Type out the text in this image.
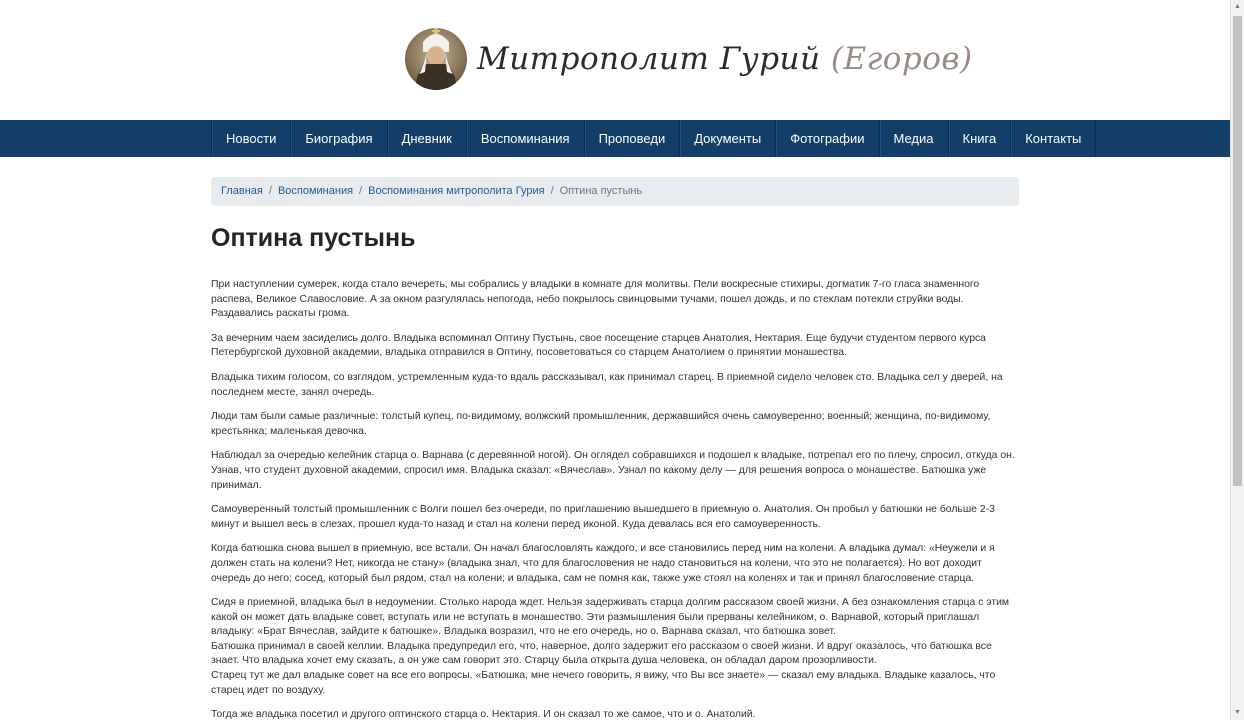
Митрополит Гурий (Егоров)
Новости	Биография	Дневник	Воспоминания	Проповеди	Документы	Фотографии	Медиа	Книга	Контакты
Главная / Воспоминания / Воспоминания митрополита Гурия / Оптина пустынь
Оптина пустынь

При наступлении сумерек, когда стало вечереть, мы собрались у владыки в комнате для молитвы. Пели воскресные стихиры, догматик 7-го гласа знаменного распева, Великое Славословие. А за окном разгулялась непогода, небо покрылось свинцовыми тучами, пошел дождь, и по стеклам потекли струйки воды. Раздавались раскаты грома.

За вечерним чаем засиделись долго. Владыка вспоминал Оптину Пустынь, свое посещение старцев Анатолия, Нектария. Еще будучи студентом первого курса Петербургской духовной академии, владыка отправился в Оптину, посоветоваться со старцем Анатолием о принятии монашества.

Владыка тихим голосом, со взглядом, устремленным куда-то вдаль рассказывал, как принимал старец. В приемной сидело человек сто. Владыка сел у дверей, на последнем месте, занял очередь.

Люди там были самые различные: толстый купец, по-видимому, волжский промышленник, державшийся очень самоуверенно; военный; женщина, по-видимому, крестьянка; маленькая девочка.

Наблюдал за очередью келейник старца о. Варнава (с деревянной ногой). Он оглядел собравшихся и подошел к владыке, потрепал его по плечу, спросил, откуда он. Узнав, что студент духовной академии, спросил имя. Владыка сказал: «Вячеслав». Узнал по какому делу — для решения вопроса о монашестве. Батюшка уже принимал.

Самоуверенный толстый промышленник с Волги пошел без очереди, по приглашению вышедшего в приемную о. Анатолия. Он пробыл у батюшки не больше 2-3 минут и вышел весь в слезах, прошел куда-то назад и стал на колени перед иконой. Куда девалась вся его самоуверенность.

Когда батюшка снова вышел в приемную, все встали. Он начал благословлять каждого, и все становились перед ним на колени. А владыка думал: «Неужели и я должен стать на колени? Нет, никогда не стану» (владыка знал, что для благословения не надо становиться на колени, что это не полагается). Но вот доходит очередь до него; сосед, который был рядом, стал на колени; и владыка, сам не помня как, также уже стоял на коленях и так и принял благословение старца.

Сидя в приемной, владыка был в недоумении. Столько народа ждет. Нельзя задерживать старца долгим рассказом своей жизни. А без ознакомления старца с этим какой он может дать владыке совет, вступать или не вступать в монашество. Эти размышления были прерваны келейником, о. Варнавой, который приглашал владыку: «Брат Вячеслав, зайдите к батюшке». Владыка возразил, что не его очередь, но о. Варнава сказал, что батюшка зовет.

Батюшка принимал в своей келлии. Владыка предупредил его, что, наверное, долго задержит его рассказом о своей жизни. И вдруг оказалось, что батюшка все знает. Что владыка хочет ему сказать, а он уже сам говорит это. Старцу была открыта душа человека, он обладал даром прозорливости.

Старец тут же дал владыке совет на все его вопросы. «Батюшка, мне нечего говорить, я вижу, что Вы все знаете» — сказал ему владыка. Владыке казалось, что старец идет по воздуху.

Тогда же владыка посетил и другого оптинского старца о. Нектария. И он сказал то же самое, что и о. Анатолий.

▲
▼
